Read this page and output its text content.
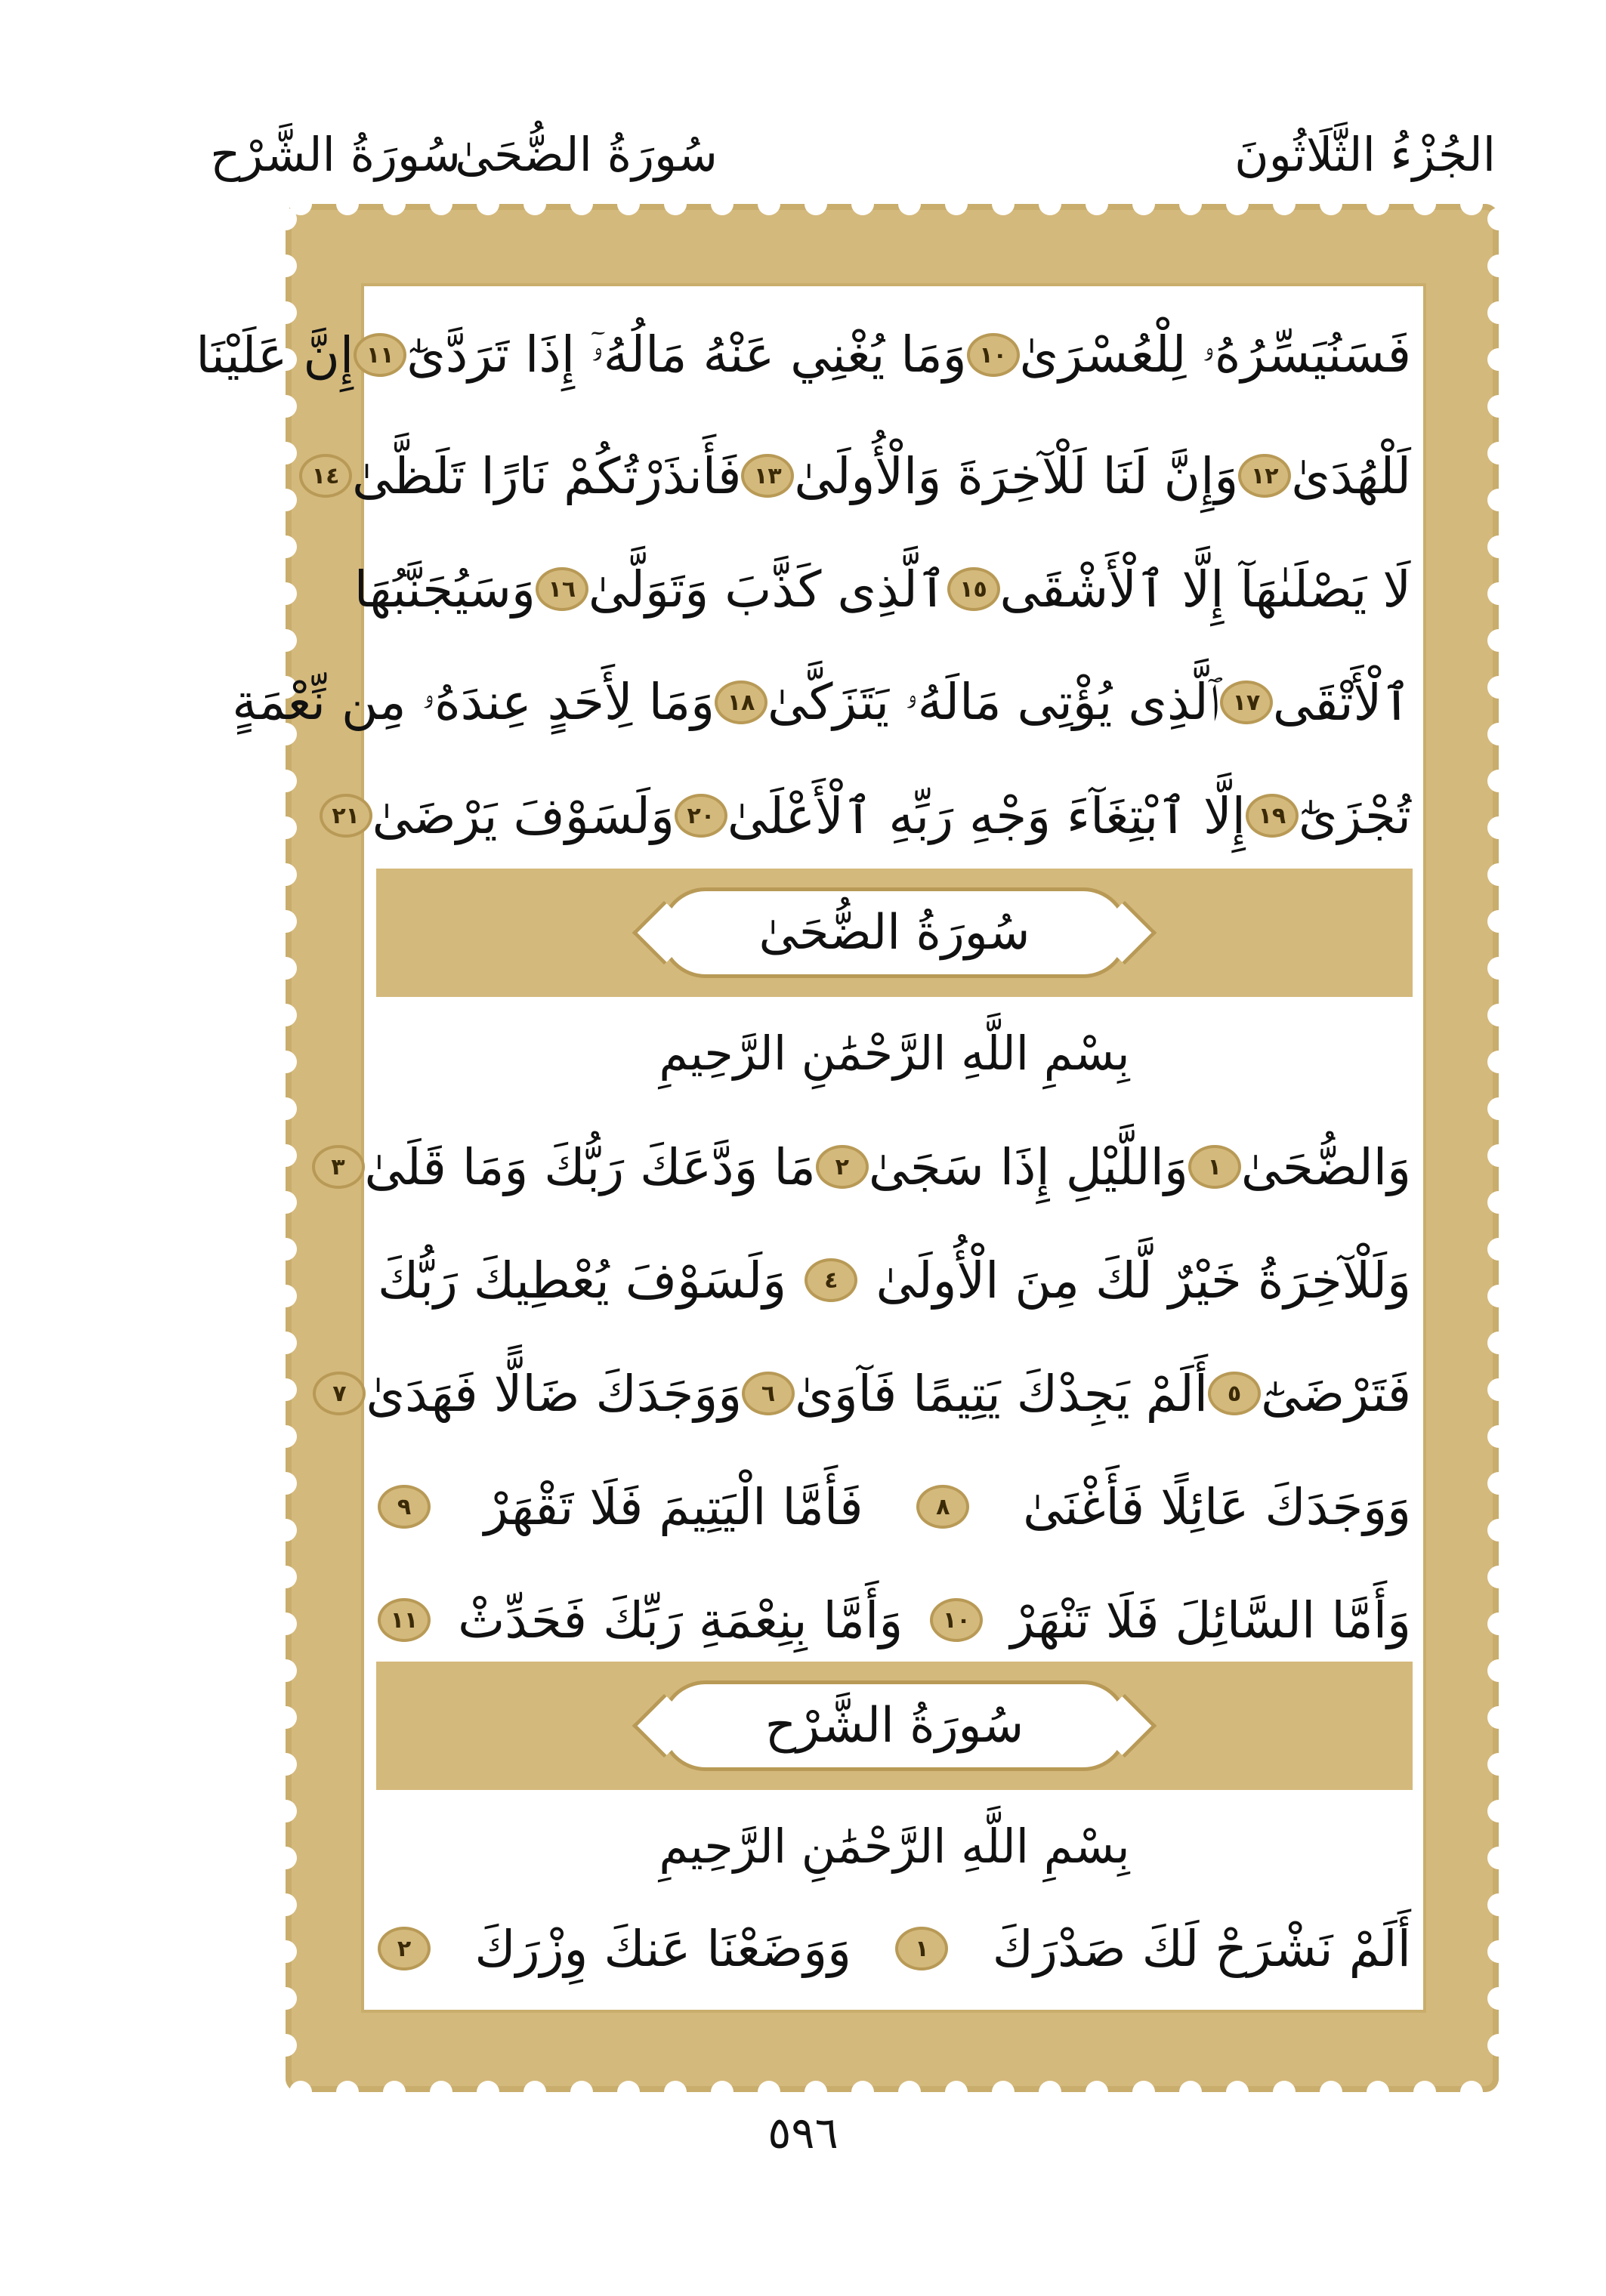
الجُزْءُ الثَّلَاثُونَ
سُورَةُ الضُّحَىٰ
سُورَةُ الشَّرْح
فَسَنُيَسِّرُهُۥ لِلْعُسْرَىٰ
١٠
وَمَا يُغْنِي عَنْهُ مَالُهُۥٓ إِذَا تَرَدَّىٰٓ
١١
إِنَّ عَلَيْنَا
لَلْهُدَىٰ
١٢
وَإِنَّ لَنَا لَلْآخِرَةَ وَالْأُولَىٰ
١٣
فَأَنذَرْتُكُمْ نَارًا تَلَظَّىٰ
١٤
لَا يَصْلَىٰهَآ إِلَّا ٱلْأَشْقَى
١٥
ٱلَّذِى كَذَّبَ وَتَوَلَّىٰ
١٦
وَسَيُجَنَّبُهَا
ٱلْأَتْقَى
١٧
ٱلَّذِى يُؤْتِى مَالَهُۥ يَتَزَكَّىٰ
١٨
وَمَا لِأَحَدٍ عِندَهُۥ مِن نِّعْمَةٍ
تُجْزَىٰٓ
١٩
إِلَّا ٱبْتِغَآءَ وَجْهِ رَبِّهِ ٱلْأَعْلَىٰ
٢٠
وَلَسَوْفَ يَرْضَىٰ
٢١
سُورَةُ الضُّحَىٰ
بِسْمِ اللَّهِ الرَّحْمَٰنِ الرَّحِيمِ
وَالضُّحَىٰ
١
وَاللَّيْلِ إِذَا سَجَىٰ
٢
مَا وَدَّعَكَ رَبُّكَ وَمَا قَلَىٰ
٣
وَلَلْآخِرَةُ خَيْرٌ لَّكَ مِنَ الْأُولَىٰ
٤
وَلَسَوْفَ يُعْطِيكَ رَبُّكَ
فَتَرْضَىٰٓ
٥
أَلَمْ يَجِدْكَ يَتِيمًا فَآوَىٰ
٦
وَوَجَدَكَ ضَالًّا فَهَدَىٰ
٧
وَوَجَدَكَ عَائِلًا فَأَغْنَىٰ
٨
فَأَمَّا الْيَتِيمَ فَلَا تَقْهَرْ
٩
وَأَمَّا السَّائِلَ فَلَا تَنْهَرْ
١٠
وَأَمَّا بِنِعْمَةِ رَبِّكَ فَحَدِّثْ
١١
سُورَةُ الشَّرْح
بِسْمِ اللَّهِ الرَّحْمَٰنِ الرَّحِيمِ
أَلَمْ نَشْرَحْ لَكَ صَدْرَكَ
١
وَوَضَعْنَا عَنكَ وِزْرَكَ
٢
٥٩٦
